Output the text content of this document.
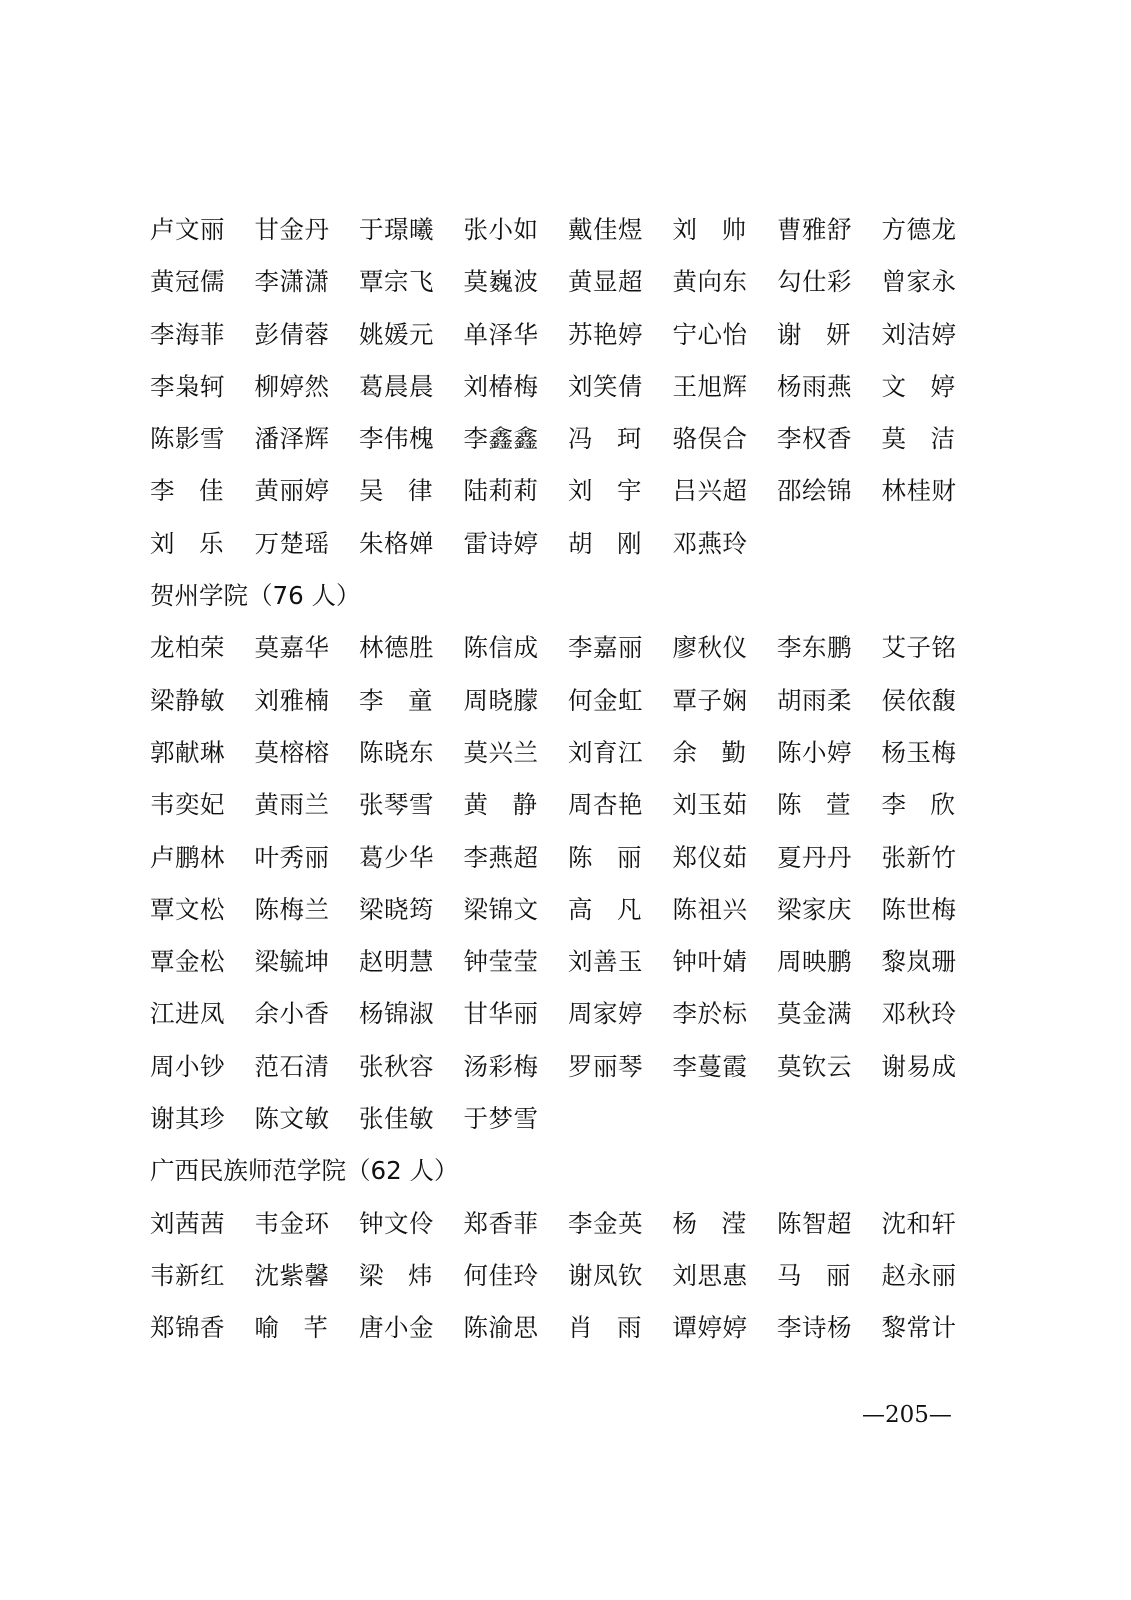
卢文丽	甘金丹	于璟曦	张小如	戴佳煜	刘　帅	曹雅舒	方德龙
黄冠儒	李潇潇	覃宗飞	莫巍波	黄显超	黄向东	勾仕彩	曾家永
李海菲	彭倩蓉	姚媛元	单泽华	苏艳婷	宁心怡	谢　妍	刘洁婷
李枭轲	柳婷然	葛晨晨	刘椿梅	刘笑倩	王旭辉	杨雨燕	文　婷
陈影雪	潘泽辉	李伟槐	李鑫鑫	冯　珂	骆俣合	李权香	莫　洁
李　佳	黄丽婷	吴　律	陆莉莉	刘　宇	吕兴超	邵绘锦	林桂财
刘　乐	万楚瑶	朱格婵	雷诗婷	胡　刚	邓燕玲
贺州学院（76 人）
龙柏荣	莫嘉华	林德胜	陈信成	李嘉丽	廖秋仪	李东鹏	艾子铭
梁静敏	刘雅楠	李　童	周晓朦	何金虹	覃子娴	胡雨柔	侯依馥
郭献琳	莫榕榕	陈晓东	莫兴兰	刘育江	余　勤	陈小婷	杨玉梅
韦奕妃	黄雨兰	张琴雪	黄　静	周杏艳	刘玉茹	陈　萱	李　欣
卢鹏林	叶秀丽	葛少华	李燕超	陈　丽	郑仪茹	夏丹丹	张新竹
覃文松	陈梅兰	梁晓筠	梁锦文	高　凡	陈祖兴	梁家庆	陈世梅
覃金松	梁毓坤	赵明慧	钟莹莹	刘善玉	钟叶婧	周映鹏	黎岚珊
江进凤	余小香	杨锦淑	甘华丽	周家婷	李於标	莫金满	邓秋玲
周小钞	范石清	张秋容	汤彩梅	罗丽琴	李蔓霞	莫钦云	谢易成
谢其珍	陈文敏	张佳敏	于梦雪
广西民族师范学院（62 人）
刘茜茜	韦金环	钟文伶	郑香菲	李金英	杨　滢	陈智超	沈和轩
韦新红	沈紫馨	梁　炜	何佳玲	谢凤钦	刘思惠	马　丽	赵永丽
郑锦香	喻　芊	唐小金	陈渝思	肖　雨	谭婷婷	李诗杨	黎常计
—205—
